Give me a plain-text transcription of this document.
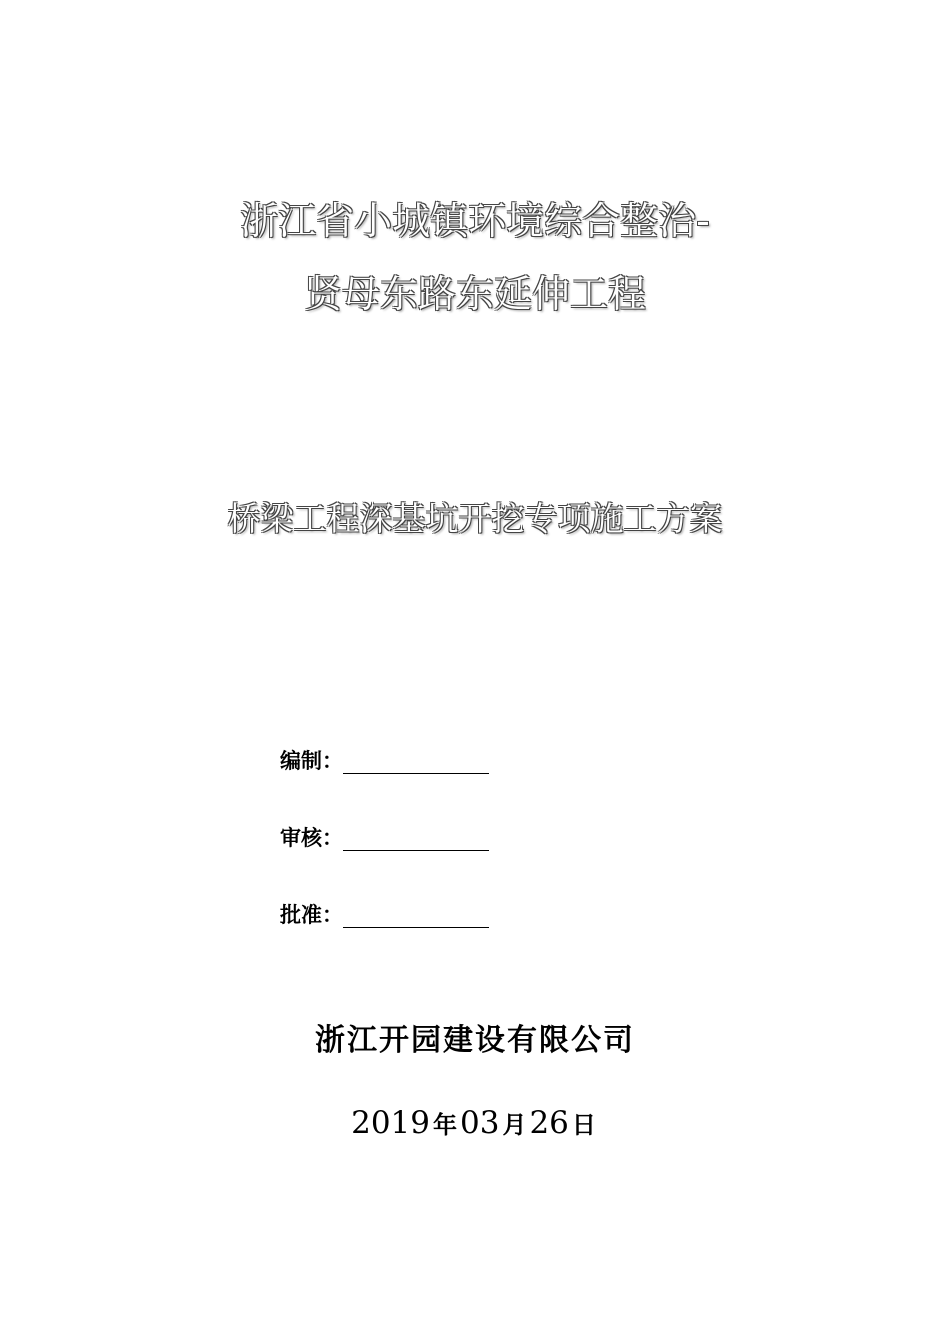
浙江省小城镇环境综合整治-
贤母东路东延伸工程
桥梁工程深基坑开挖专项施工方案
编制：
审核：
批准：
浙江开园建设有限公司
2019 年03 月26 日
